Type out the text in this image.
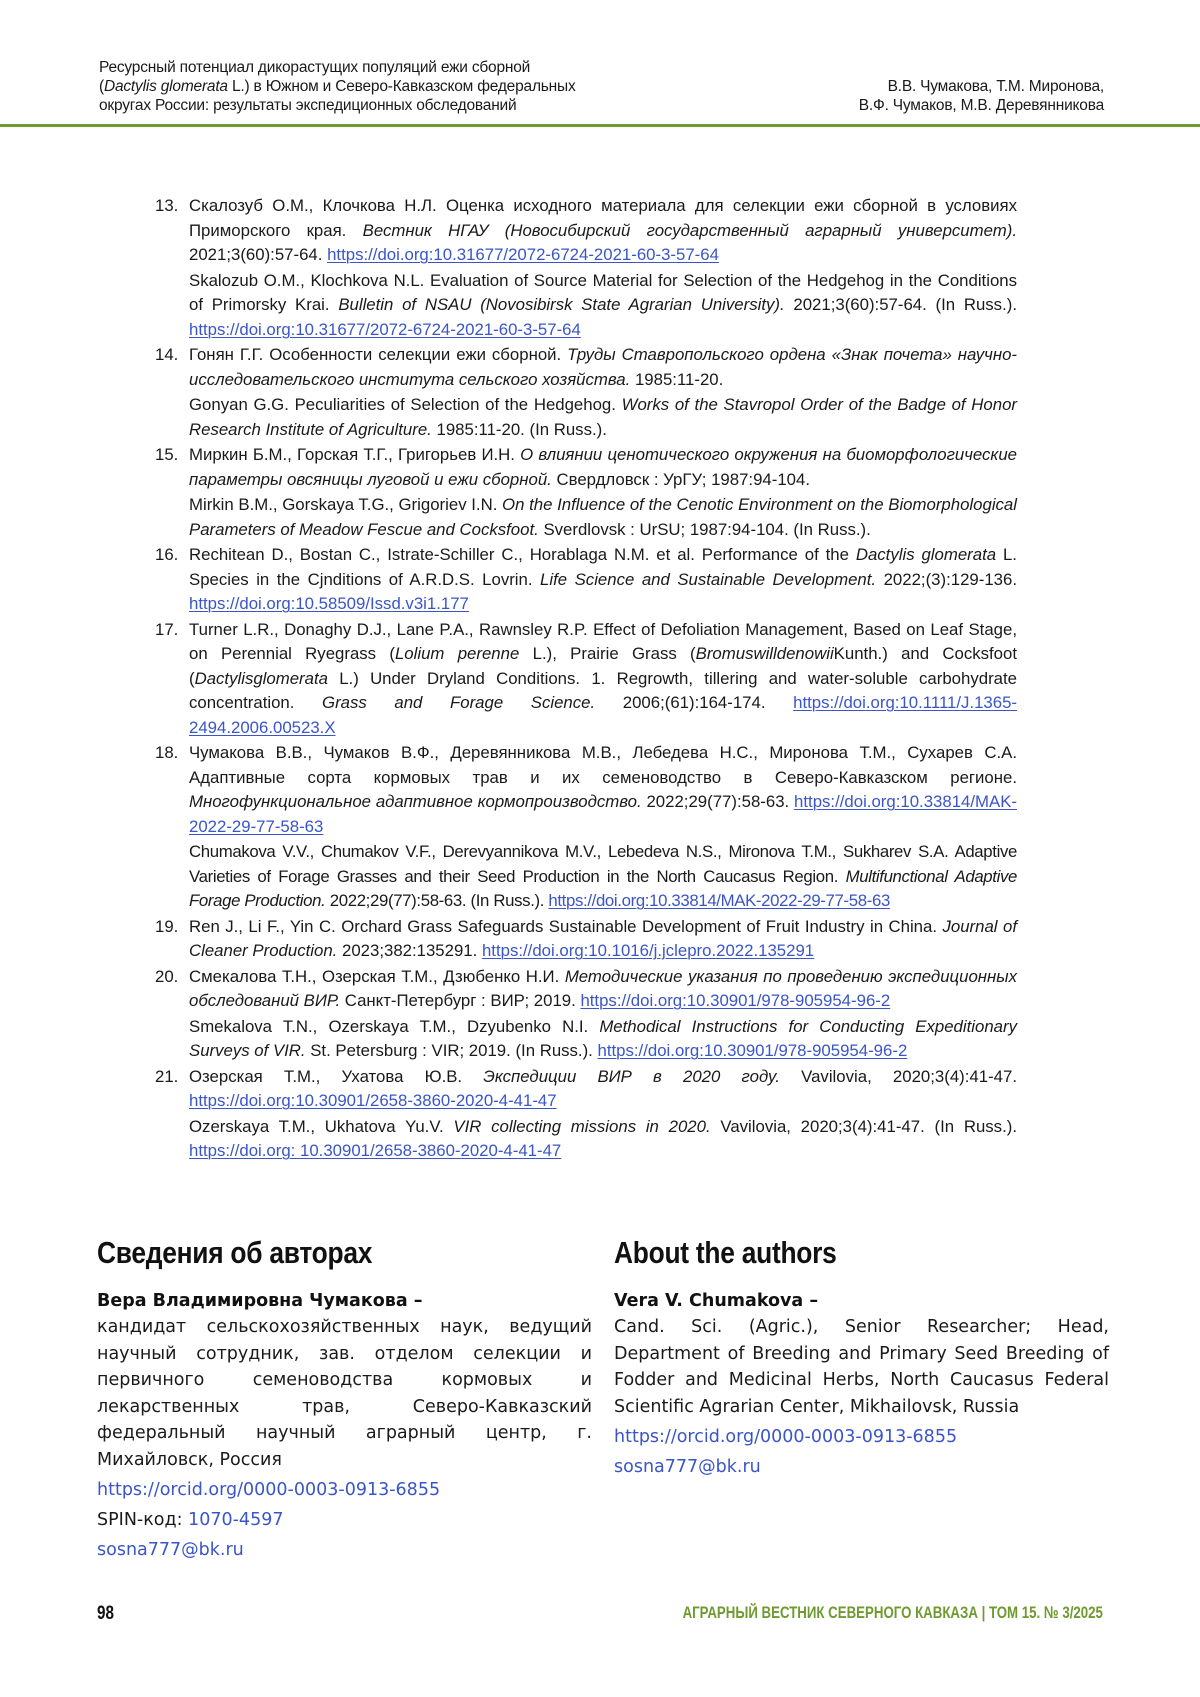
Ресурсный потенциал дикорастущих популяций ежи сборной
(Dactylis glomerata L.) в Южном и Северо-Кавказском федеральных
округах России: результаты экспедиционных обследований
В.В. Чумакова, Т.М. Миронова,
В.Ф. Чумаков, М.В. Деревянникова
13. Скалозуб О.М., Клочкова Н.Л. Оценка исходного материала для селекции ежи сборной в условиях Приморского края. Вестник НГАУ (Новосибирский государственный аграрный университет). 2021;3(60):57-64. https://doi.org:10.31677/2072-6724-2021-60-3-57-64

Skalozub O.M., Klochkova N.L. Evaluation of Source Material for Selection of the Hedgehog in the Conditions of Primorsky Krai. Bulletin of NSAU (Novosibirsk State Agrarian University). 2021;3(60):57-64. (In Russ.). https://doi.org:10.31677/2072-6724-2021-60-3-57-64

14. Гонян Г.Г. Особенности селекции ежи сборной. Труды Ставропольского ордена «Знак почета» научно-исследовательского института сельского хозяйства. 1985:11-20.

Gonyan G.G. Peculiarities of Selection of the Hedgehog. Works of the Stavropol Order of the Badge of Honor Research Institute of Agriculture. 1985:11-20. (In Russ.).

15. Миркин Б.М., Горская Т.Г., Григорьев И.Н. О влиянии ценотического окружения на биоморфологические параметры овсяницы луговой и ежи сборной. Свердловск : УрГУ; 1987:94-104.

Mirkin B.M., Gorskaya T.G., Grigoriev I.N. On the Influence of the Cenotic Environment on the Biomorphological Parameters of Meadow Fescue and Cocksfoot. Sverdlovsk : UrSU; 1987:94-104. (In Russ.).

16. Rechitean D., Bostan C., Istrate-Schiller C., Horablaga N.M. et al. Performance of the Dactylis glomerata L. Species in the Cjnditions of A.R.D.S. Lovrin. Life Science and Sustainable Development. 2022;(3):129-136. https://doi.org:10.58509/Issd.v3i1.177

17. Turner L.R., Donaghy D.J., Lane P.A., Rawnsley R.P. Effect of Defoliation Management, Based on Leaf Stage, on Perennial Ryegrass (Lolium perenne L.), Prairie Grass (BromuswilldenowiiKunth.) and Cocksfoot (Dactylisglomerata L.) Under Dryland Conditions. 1. Regrowth, tillering and water-soluble carbohydrate concentration. Grass and Forage Science. 2006;(61):164-174. https://doi.org:10.1111/J.1365-2494.2006.00523.X

18. Чумакова В.В., Чумаков В.Ф., Деревянникова М.В., Лебедева Н.С., Миронова Т.М., Сухарев С.А. Адаптивные сорта кормовых трав и их семеноводство в Северо-Кавказском регионе. Многофункциональное адаптивное кормопроизводство. 2022;29(77):58-63. https://doi.org:10.33814/MAK-2022-29-77-58-63

Chumakova V.V., Chumakov V.F., Derevyannikova M.V., Lebedeva N.S., Mironova T.M., Sukharev S.A. Adaptive Varieties of Forage Grasses and their Seed Production in the North Caucasus Region. Multifunctional Adaptive Forage Production. 2022;29(77):58-63. (In Russ.). https://doi.org:10.33814/MAK-2022-29-77-58-63

19. Ren J., Li F., Yin C. Orchard Grass Safeguards Sustainable Development of Fruit Industry in China. Journal of Cleaner Production. 2023;382:135291. https://doi.org:10.1016/j.jclepro.2022.135291

20. Смекалова Т.Н., Озерская Т.М., Дзюбенко Н.И. Методические указания по проведению экспедиционных обследований ВИР. Санкт-Петербург : ВИР; 2019. https://doi.org:10.30901/978-905954-96-2

Smekalova T.N., Ozerskaya T.M., Dzyubenko N.I. Methodical Instructions for Conducting Expeditionary Surveys of VIR. St. Petersburg : VIR; 2019. (In Russ.). https://doi.org:10.30901/978-905954-96-2

21. Озерская Т.М., Ухатова Ю.В. Экспедиции ВИР в 2020 году. Vavilovia, 2020;3(4):41-47. https://doi.org:10.30901/2658-3860-2020-4-41-47

Ozerskaya T.M., Ukhatova Yu.V. VIR collecting missions in 2020. Vavilovia, 2020;3(4):41-47. (In Russ.). https://doi.org: 10.30901/2658-3860-2020-4-41-47

Сведения об авторах

Вера Владимировна Чумакова –

кандидат сельскохозяйственных наук, ведущий научный сотрудник, зав. отделом селекции и первичного семеноводства кормовых и лекарственных трав, Северо-Кавказский федеральный научный аграрный центр, г. Михайловск, Россия

https://orcid.org/0000-0003-0913-6855

SPIN-код: 1070-4597

sosna777@bk.ru

About the authors

Vera V. Chumakova –

Cand. Sci. (Agric.), Senior Researcher; Head, Department of Breeding and Primary Seed Breeding of Fodder and Medicinal Herbs, North Caucasus Federal Scientific Agrarian Center, Mikhailovsk, Russia

https://orcid.org/0000-0003-0913-6855

sosna777@bk.ru

98	АГРАРНЫЙ ВЕСТНИК СЕВЕРНОГО КАВКАЗА | ТОМ 15. № 3/2025
